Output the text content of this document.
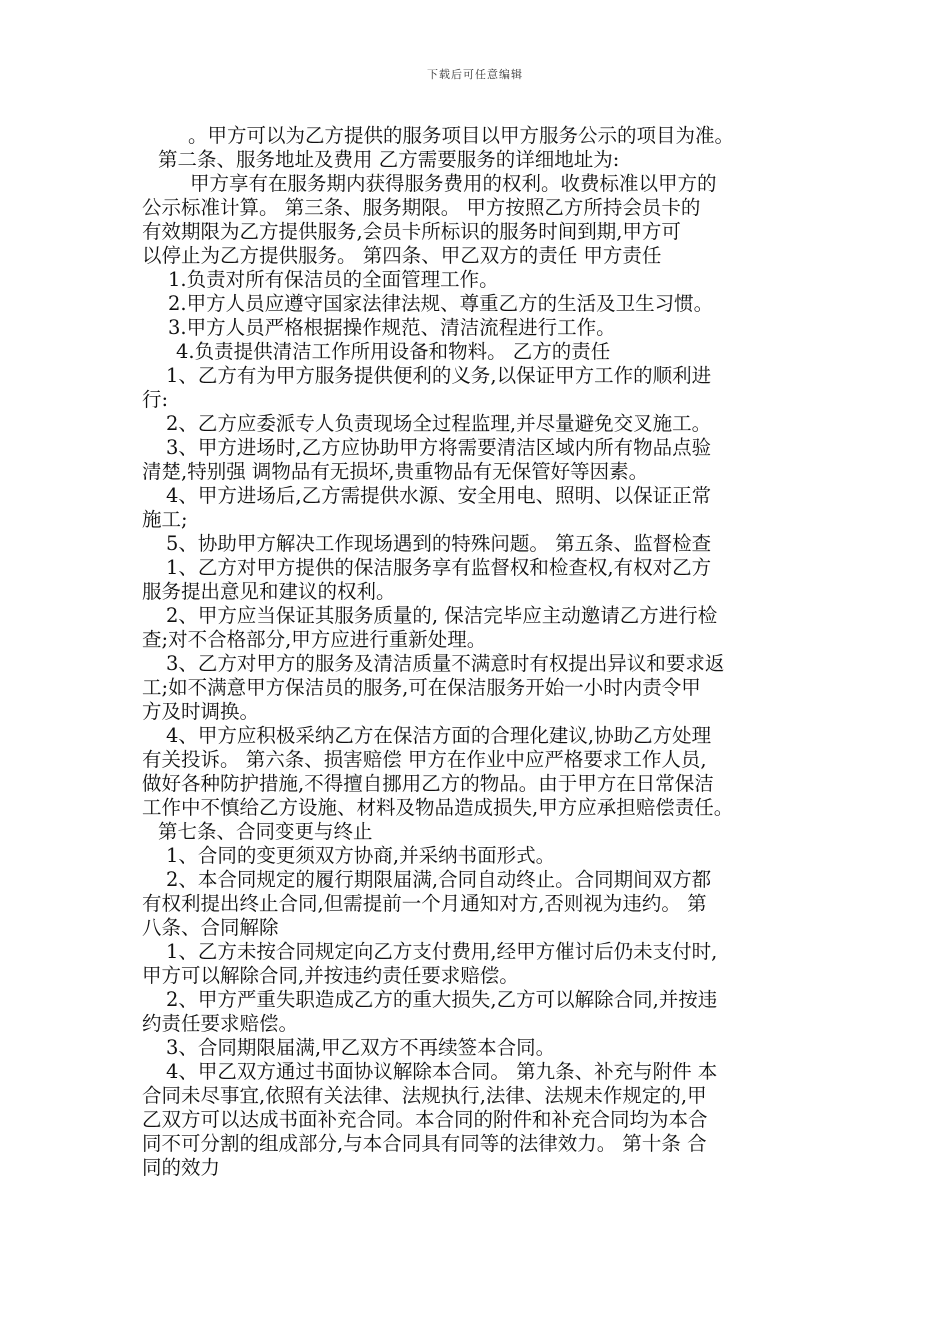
下载后可任意编辑
。甲方可以为乙方提供的服务项目以甲方服务公示的项目为准。
第二条、服务地址及费用 乙方需要服务的详细地址为:
甲方享有在服务期内获得服务费用的权利。收费标准以甲方的
公示标准计算。 第三条、服务期限。 甲方按照乙方所持会员卡的
有效期限为乙方提供服务,会员卡所标识的服务时间到期,甲方可
以停止为乙方提供服务。 第四条、甲乙双方的责任 甲方责任
1.负责对所有保洁员的全面管理工作。
2.甲方人员应遵守国家法律法规、尊重乙方的生活及卫生习惯。
3.甲方人员严格根据操作规范、清洁流程进行工作。
4.负责提供清洁工作所用设备和物料。 乙方的责任
1、乙方有为甲方服务提供便利的义务,以保证甲方工作的顺利进
行:
2、乙方应委派专人负责现场全过程监理,并尽量避免交叉施工。
3、甲方进场时,乙方应协助甲方将需要清洁区域内所有物品点验
清楚,特别强 调物品有无损坏,贵重物品有无保管好等因素。
4、甲方进场后,乙方需提供水源、安全用电、照明、以保证正常
施工;
5、协助甲方解决工作现场遇到的特殊问题。 第五条、监督检查
1、乙方对甲方提供的保洁服务享有监督权和检查权,有权对乙方
服务提出意见和建议的权利。
2、甲方应当保证其服务质量的, 保洁完毕应主动邀请乙方进行检
查;对不合格部分,甲方应进行重新处理。
3、乙方对甲方的服务及清洁质量不满意时有权提出异议和要求返
工;如不满意甲方保洁员的服务,可在保洁服务开始一小时内责令甲
方及时调换。
4、甲方应积极采纳乙方在保洁方面的合理化建议,协助乙方处理
有关投诉。 第六条、损害赔偿 甲方在作业中应严格要求工作人员,
做好各种防护措施,不得擅自挪用乙方的物品。由于甲方在日常保洁
工作中不慎给乙方设施、材料及物品造成损失,甲方应承担赔偿责任。
第七条、合同变更与终止
1、合同的变更须双方协商,并采纳书面形式。
2、本合同规定的履行期限届满,合同自动终止。合同期间双方都
有权利提出终止合同,但需提前一个月通知对方,否则视为违约。 第
八条、合同解除
1、乙方未按合同规定向乙方支付费用,经甲方催讨后仍未支付时,
甲方可以解除合同,并按违约责任要求赔偿。
2、甲方严重失职造成乙方的重大损失,乙方可以解除合同,并按违
约责任要求赔偿。
3、合同期限届满,甲乙双方不再续签本合同。
4、甲乙双方通过书面协议解除本合同。 第九条、补充与附件 本
合同未尽事宜,依照有关法律、法规执行,法律、法规未作规定的,甲
乙双方可以达成书面补充合同。本合同的附件和补充合同均为本合
同不可分割的组成部分,与本合同具有同等的法律效力。 第十条 合
同的效力
